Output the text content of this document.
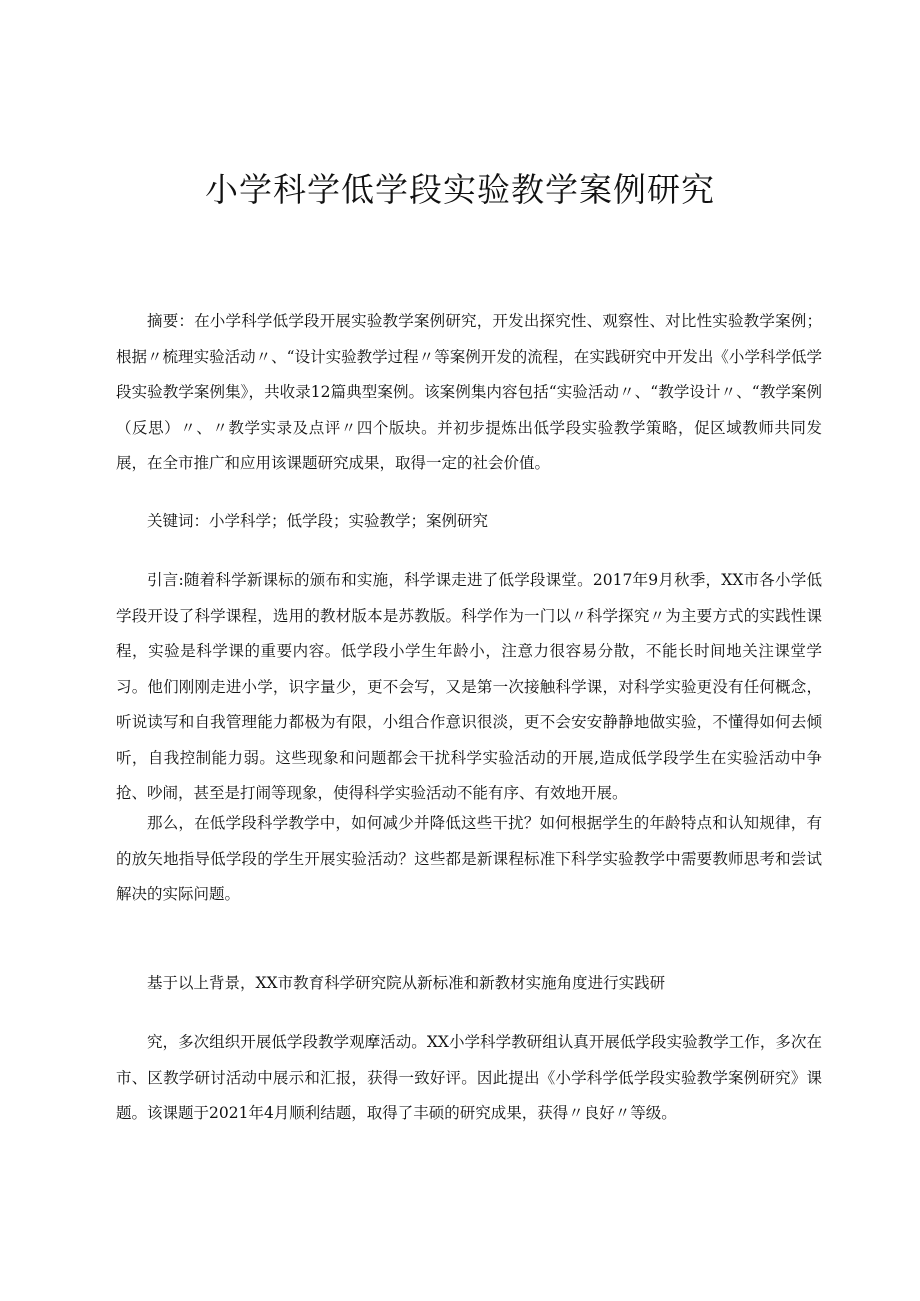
小学科学低学段实验教学案例研究

摘要：在小学科学低学段开展实验教学案例研究，开发出探究性、观察性、对比性实验教学案例；根据〃梳理实验活动〃、“设计实验教学过程〃等案例开发的流程，在实践研究中开发出《小学科学低学段实验教学案例集》，共收录12篇典型案例。该案例集内容包括“实验活动〃、“教学设计〃、“教学案例（反思）〃、〃教学实录及点评〃四个版块。并初步提炼出低学段实验教学策略，促区域教师共同发展，在全市推广和应用该课题研究成果，取得一定的社会价值。

关键词：小学科学；低学段；实验教学；案例研究

引言:随着科学新课标的颁布和实施，科学课走进了低学段课堂。2017年9月秋季，XX市各小学低学段开设了科学课程，选用的教材版本是苏教版。科学作为一门以〃科学探究〃为主要方式的实践性课程，实验是科学课的重要内容。低学段小学生年龄小，注意力很容易分散，不能长时间地关注课堂学习。他们刚刚走进小学，识字量少，更不会写，又是第一次接触科学课，对科学实验更没有任何概念，听说读写和自我管理能力都极为有限，小组合作意识很淡，更不会安安静静地做实验，不懂得如何去倾听，自我控制能力弱。这些现象和问题都会干扰科学实验活动的开展,造成低学段学生在实验活动中争抢、吵闹，甚至是打闹等现象，使得科学实验活动不能有序、有效地开展。

那么，在低学段科学教学中，如何减少并降低这些干扰？如何根据学生的年龄特点和认知规律，有的放矢地指导低学段的学生开展实验活动？这些都是新课程标准下科学实验教学中需要教师思考和尝试解决的实际问题。

基于以上背景，XX市教育科学研究院从新标准和新教材实施角度进行实践研

究，多次组织开展低学段教学观摩活动。XX小学科学教研组认真开展低学段实验教学工作，多次在市、区教学研讨活动中展示和汇报，获得一致好评。因此提出《小学科学低学段实验教学案例研究》课题。该课题于2021年4月顺利结题，取得了丰硕的研究成果，获得〃良好〃等级。
